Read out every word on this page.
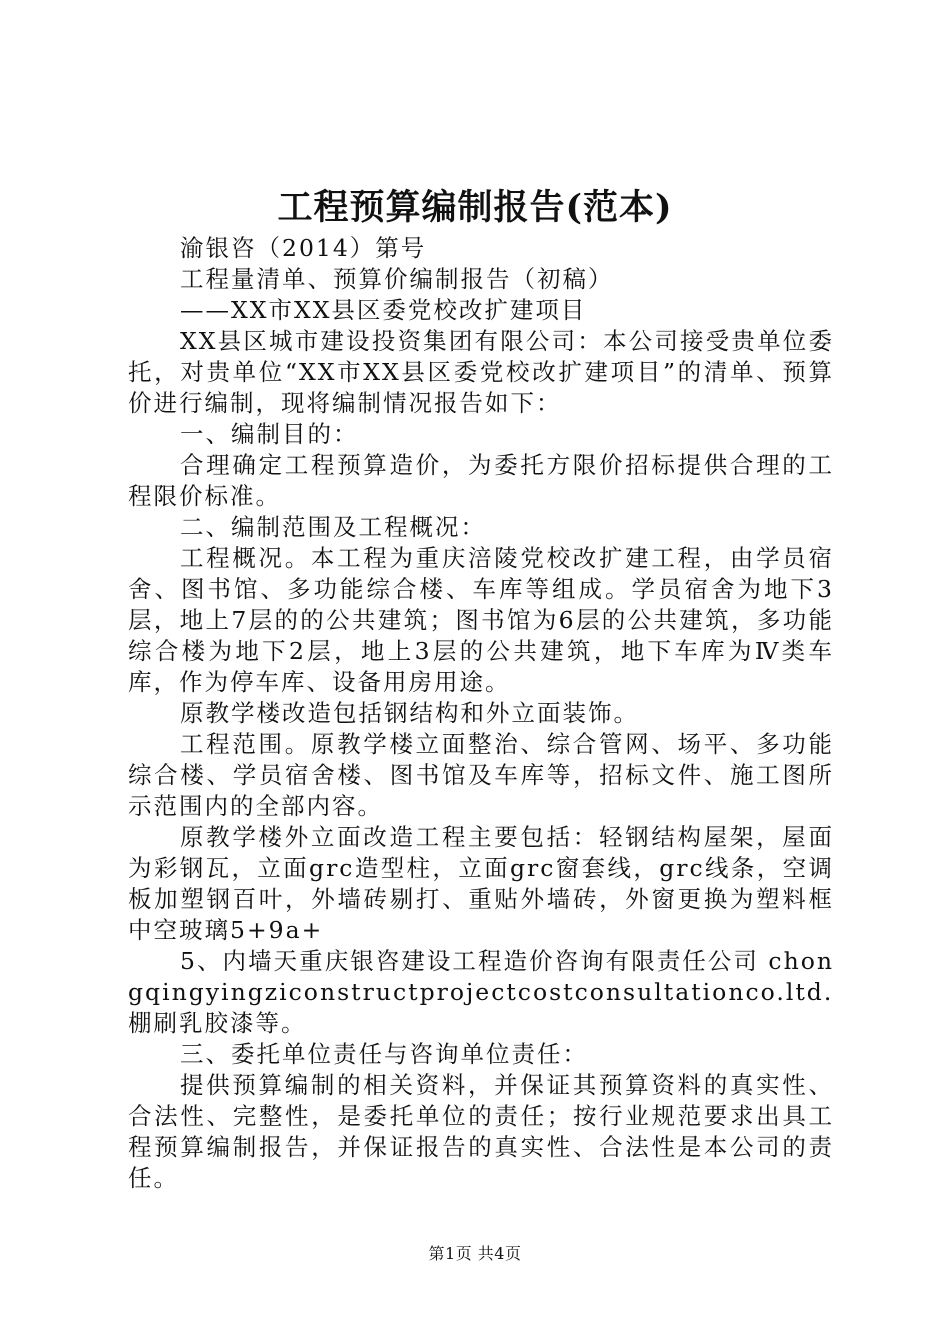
工程预算编制报告(范本)

渝银咨（2014）第号

工程量清单、预算价编制报告（初稿）

——XX市XX县区委党校改扩建项目

XX县区城市建设投资集团有限公司：本公司接受贵单位委托，对贵单位“XX市XX县区委党校改扩建项目”的清单、预算价进行编制，现将编制情况报告如下：

一、编制目的：

合理确定工程预算造价，为委托方限价招标提供合理的工程限价标准。

二、编制范围及工程概况：

工程概况。本工程为重庆涪陵党校改扩建工程，由学员宿舍、图书馆、多功能综合楼、车库等组成。学员宿舍为地下3层，地上7层的的公共建筑；图书馆为6层的公共建筑，多功能综合楼为地下2层，地上3层的公共建筑，地下车库为Ⅳ类车库，作为停车库、设备用房用途。

原教学楼改造包括钢结构和外立面装饰。

工程范围。原教学楼立面整治、综合管网、场平、多功能综合楼、学员宿舍楼、图书馆及车库等，招标文件、施工图所示范围内的全部内容。

原教学楼外立面改造工程主要包括：轻钢结构屋架，屋面为彩钢瓦，立面grc造型柱，立面grc窗套线，grc线条，空调板加塑钢百叶，外墙砖剔打、重贴外墙砖，外窗更换为塑料框中空玻璃5+9a+

5、内墙天重庆银咨建设工程造价咨询有限责任公司 chongqingyingziconstructprojectcostconsultationco.ltd. 棚刷乳胶漆等。

三、委托单位责任与咨询单位责任：

提供预算编制的相关资料，并保证其预算资料的真实性、合法性、完整性，是委托单位的责任；按行业规范要求出具工程预算编制报告，并保证报告的真实性、合法性是本公司的责任。

第1页 共4页
